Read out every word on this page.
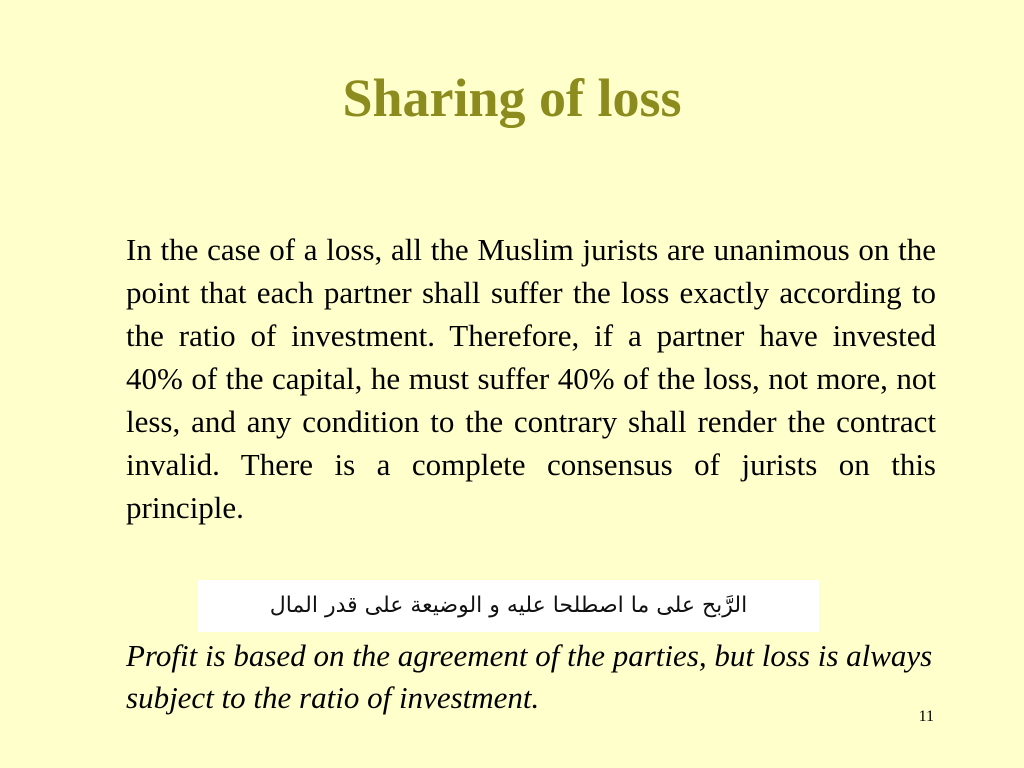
Sharing of loss

In the case of a loss, all the Muslim jurists are unanimous on the point that each partner shall suffer the loss exactly according to the ratio of investment. Therefore, if a partner have invested 40% of the capital, he must suffer 40% of the loss, not more, not less, and any condition to the contrary shall render the contract invalid. There is a complete consensus of jurists on this principle.

الرَّبح على ما اصطلحا عليه و الوضيعة على قدر المال

Profit is based on the agreement of the parties, but loss is always subject to the ratio of investment.

11
